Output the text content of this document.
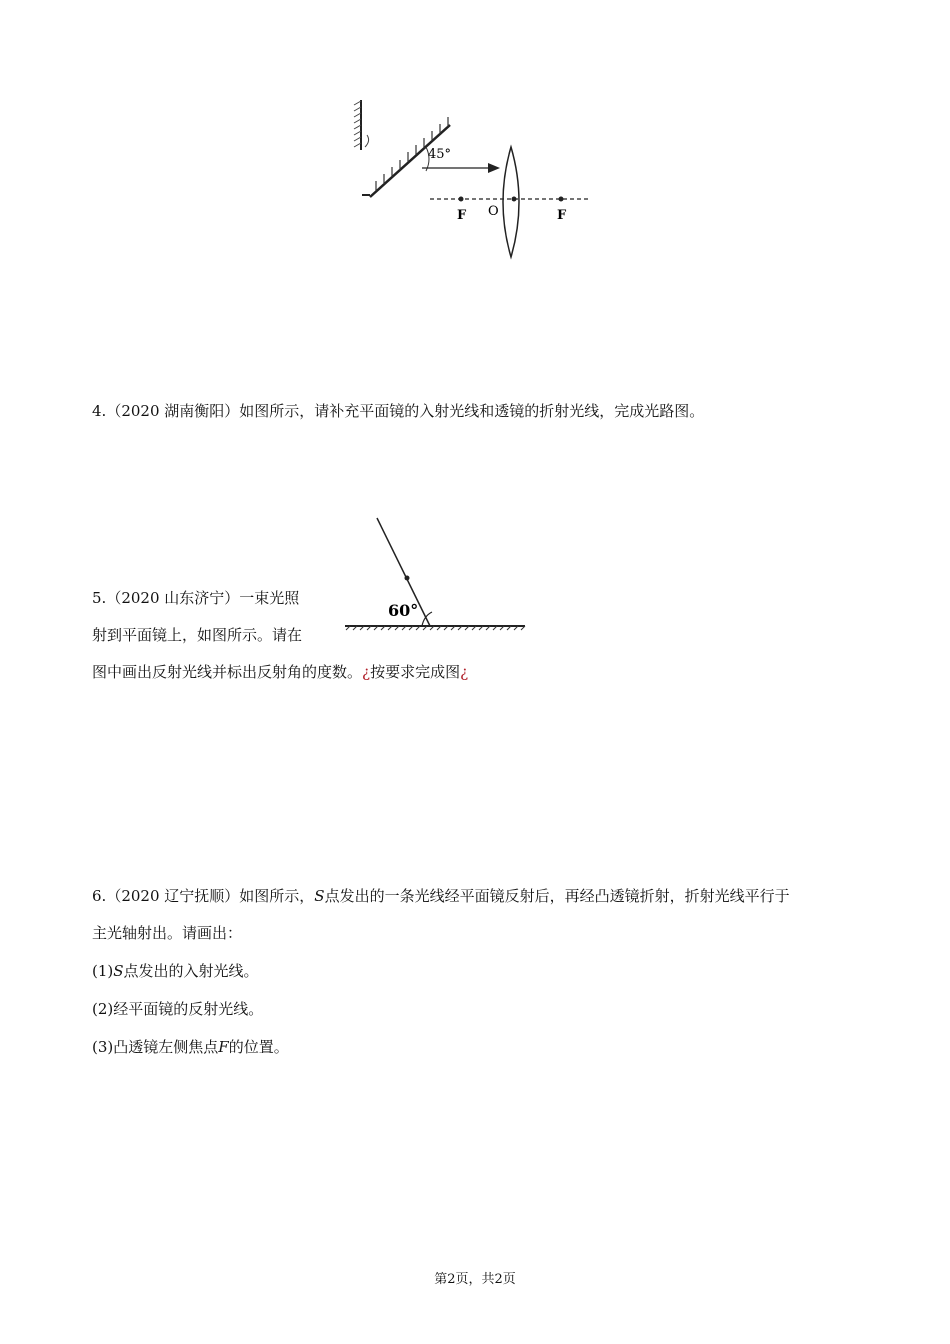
45°
F O	F
4.（2020 湖南衡阳）如图所示，请补充平面镜的入射光线和透镜的折射光线，完成光路图。
5.（2020 山东济宁）一束光照
射到平面镜上，如图所示。请在
图中画出反射光线并标出反射角的度数。¿按要求完成图¿
60°
6.（2020 辽宁抚顺）如图所示，S点发出的一条光线经平面镜反射后，再经凸透镜折射，折射光线平行于
主光轴射出。请画出：
(1)S点发出的入射光线。
(2)经平面镜的反射光线。
(3)凸透镜左侧焦点F的位置。
第2页，共2页
